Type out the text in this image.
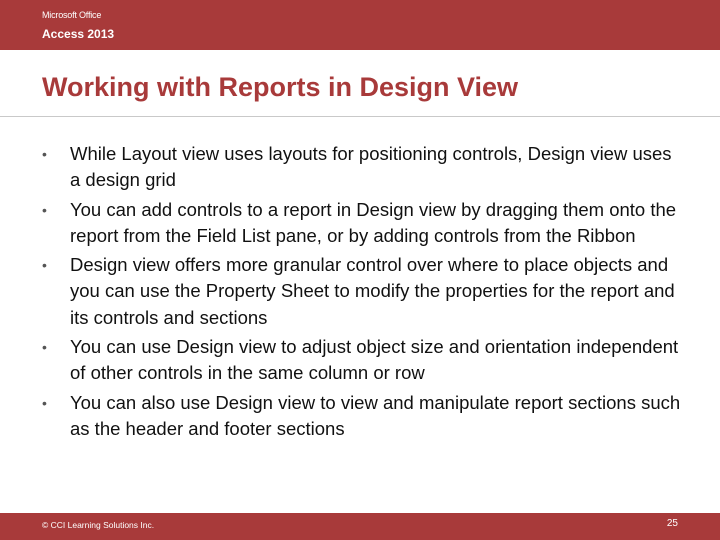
Microsoft Office
Access 2013
Working with Reports in Design View
• While Layout view uses layouts for positioning controls, Design view uses a design grid
• You can add controls to a report in Design view by dragging them onto the report from the Field List pane, or by adding controls from the Ribbon
• Design view offers more granular control over where to place objects and you can use the Property Sheet to modify the properties for the report and its controls and sections
• You can use Design view to adjust object size and orientation independent of other controls in the same column or row
• You can also use Design view to view and manipulate report sections such as the header and footer sections
© CCI Learning Solutions Inc.	25
